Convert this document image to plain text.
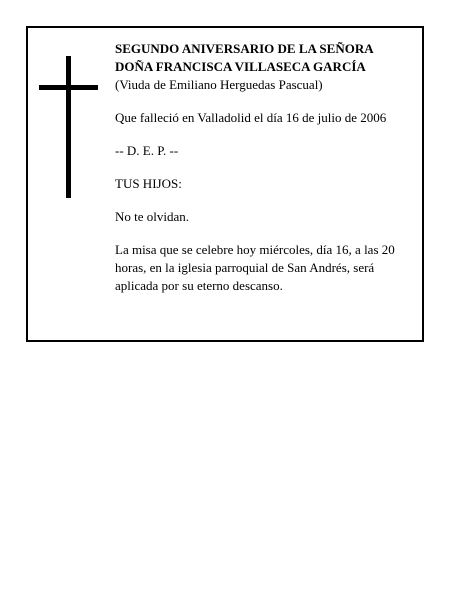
SEGUNDO ANIVERSARIO DE LA SEÑORA

DOÑA FRANCISCA VILLASECA GARCÍA

(Viuda de Emiliano Herguedas Pascual)

Que falleció en Valladolid el día 16 de julio de 2006

-- D. E. P. --

TUS HIJOS:

No te olvidan.

La misa que se celebre hoy miércoles, día 16, a las 20

horas, en la iglesia parroquial de San Andrés, será

aplicada por su eterno descanso.
